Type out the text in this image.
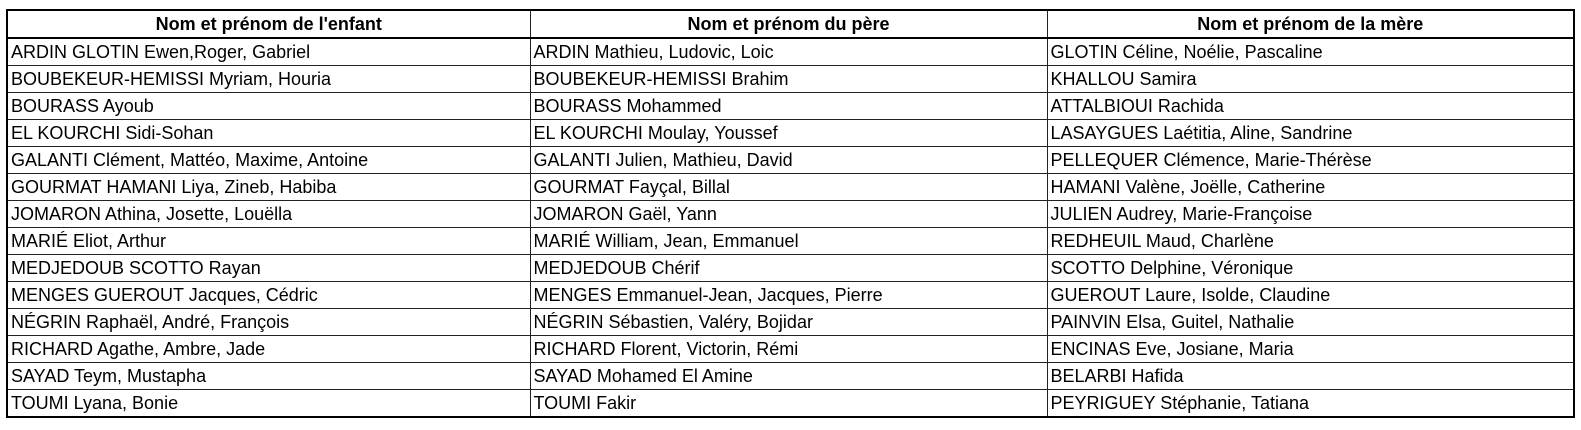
Nom et prénom de l'enfant	Nom et prénom du père	Nom et prénom de la mère
ARDIN GLOTIN Ewen,Roger, Gabriel	ARDIN Mathieu, Ludovic, Loic	GLOTIN Céline, Noélie, Pascaline
BOUBEKEUR-HEMISSI Myriam, Houria	BOUBEKEUR-HEMISSI Brahim	KHALLOU Samira
BOURASS Ayoub	BOURASS Mohammed	ATTALBIOUI Rachida
EL KOURCHI Sidi-Sohan	EL KOURCHI Moulay, Youssef	LASAYGUES Laétitia, Aline, Sandrine
GALANTI Clément, Mattéo, Maxime, Antoine	GALANTI Julien, Mathieu, David	PELLEQUER Clémence, Marie-Thérèse
GOURMAT HAMANI Liya, Zineb, Habiba	GOURMAT Fayçal, Billal	HAMANI Valène, Joëlle, Catherine
JOMARON Athina, Josette, Louëlla	JOMARON Gaël, Yann	JULIEN Audrey, Marie-Françoise
MARIÉ Eliot, Arthur	MARIÉ William, Jean, Emmanuel	REDHEUIL Maud, Charlène
MEDJEDOUB SCOTTO Rayan	MEDJEDOUB Chérif	SCOTTO Delphine, Véronique
MENGES GUEROUT Jacques, Cédric	MENGES Emmanuel-Jean, Jacques, Pierre	GUEROUT Laure, Isolde, Claudine
NÉGRIN Raphaël, André, François	NÉGRIN Sébastien, Valéry, Bojidar	PAINVIN Elsa, Guitel, Nathalie
RICHARD Agathe, Ambre, Jade	RICHARD Florent, Victorin, Rémi	ENCINAS Eve, Josiane, Maria
SAYAD Teym, Mustapha	SAYAD Mohamed El Amine	BELARBI Hafida
TOUMI Lyana, Bonie	TOUMI Fakir	PEYRIGUEY Stéphanie, Tatiana
